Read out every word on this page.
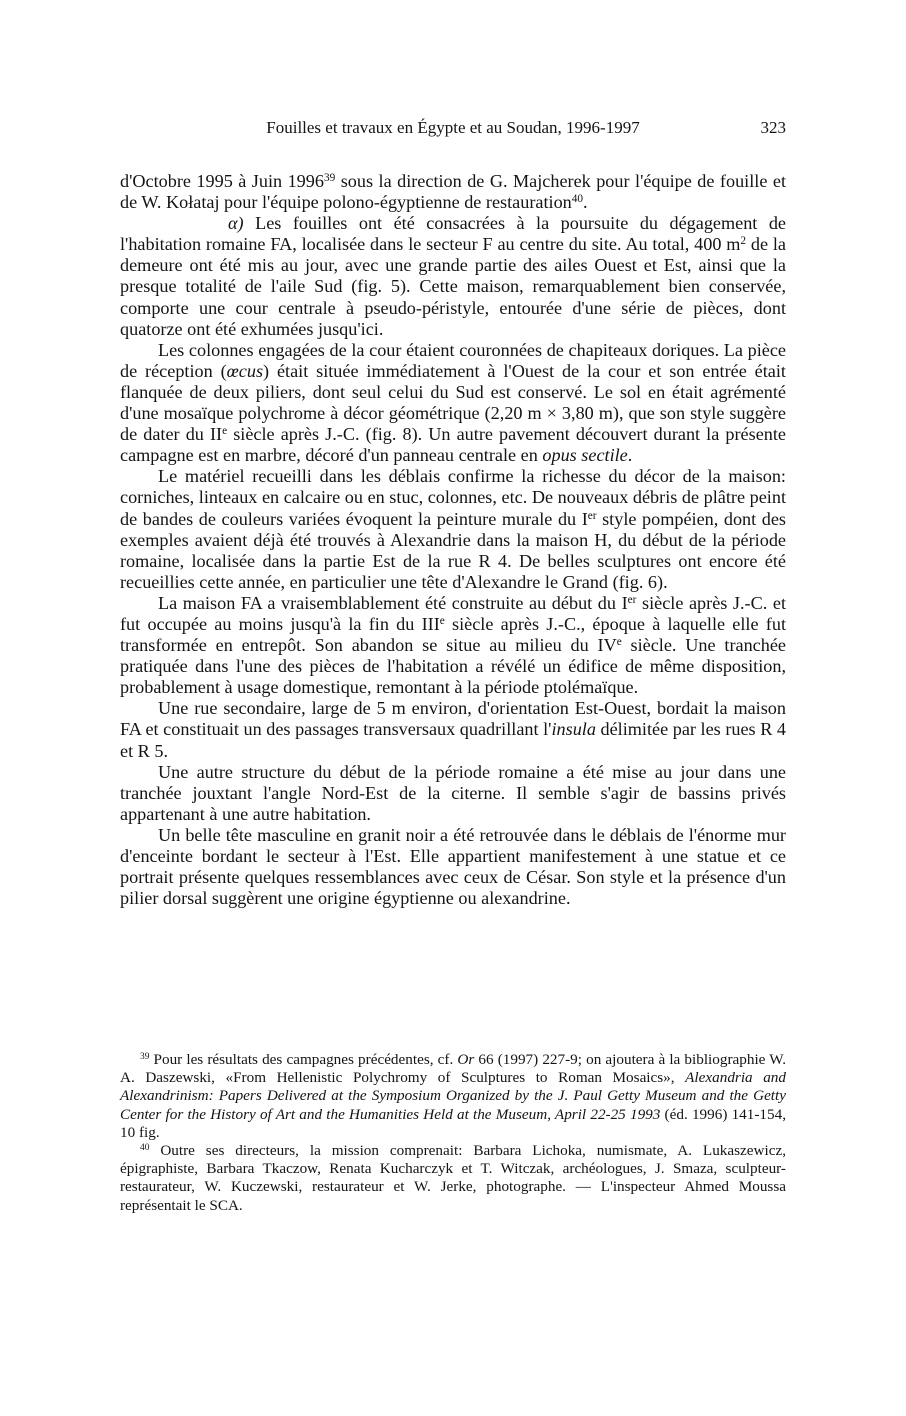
Fouilles et travaux en Égypte et au Soudan, 1996-1997	323

d'Octobre 1995 à Juin 1996$^{39}$ sous la direction de G. Majcherek pour l'équipe de fouille et de W. Kołataj pour l'équipe polono-égyptienne de restauration$^{40}$.

α) Les fouilles ont été consacrées à la poursuite du dégagement de l'habitation romaine FA, localisée dans le secteur F au centre du site. Au total, 400 $m^2$ de la demeure ont été mis au jour, avec une grande partie des ailes Ouest et Est, ainsi que la presque totalité de l'aile Sud (fig. 5). Cette maison, remarquablement bien conservée, comporte une cour centrale à pseudo-péristyle, entourée d'une série de pièces, dont quatorze ont été exhumées jusqu'ici.

Les colonnes engagées de la cour étaient couronnées de chapiteaux doriques. La pièce de réception (œcus) était située immédiatement à l'Ouest de la cour et son entrée était flanquée de deux piliers, dont seul celui du Sud est conservé. Le sol en était agrémenté d'une mosaïque polychrome à décor géométrique (2,20 m × 3,80 m), que son style suggère de dater du IIe siècle après J.-C. (fig. 8). Un autre pavement découvert durant la présente campagne est en marbre, décoré d'un panneau centrale en opus sectile.

Le matériel recueilli dans les déblais confirme la richesse du décor de la maison: corniches, linteaux en calcaire ou en stuc, colonnes, etc. De nouveaux débris de plâtre peint de bandes de couleurs variées évoquent la peinture murale du Ier style pompéien, dont des exemples avaient déjà été trouvés à Alexandrie dans la maison H, du début de la période romaine, localisée dans la partie Est de la rue R 4. De belles sculptures ont encore été recueillies cette année, en particulier une tête d'Alexandre le Grand (fig. 6).

La maison FA a vraisemblablement été construite au début du Ier siècle après J.-C. et fut occupée au moins jusqu'à la fin du IIIe siècle après J.-C., époque à laquelle elle fut transformée en entrepôt. Son abandon se situe au milieu du IVe siècle. Une tranchée pratiquée dans l'une des pièces de l'habitation a révélé un édifice de même disposition, probablement à usage domestique, remontant à la période ptolémaïque.

Une rue secondaire, large de 5 m environ, d'orientation Est-Ouest, bordait la maison FA et constituait un des passages transversaux quadrillant l'insula délimitée par les rues R 4 et R 5.

Une autre structure du début de la période romaine a été mise au jour dans une tranchée jouxtant l'angle Nord-Est de la citerne. Il semble s'agir de bassins privés appartenant à une autre habitation.

Un belle tête masculine en granit noir a été retrouvée dans le déblais de l'énorme mur d'enceinte bordant le secteur à l'Est. Elle appartient manifestement à une statue et ce portrait présente quelques ressemblances avec ceux de César. Son style et la présence d'un pilier dorsal suggèrent une origine égyptienne ou alexandrine.

$^{39}$ Pour les résultats des campagnes précédentes, cf. Or 66 (1997) 227-9; on ajoutera à la bibliographie W. A. Daszewski, «From Hellenistic Polychromy of Sculptures to Roman Mosaics», Alexandria and Alexandrinism: Papers Delivered at the Symposium Organized by the J. Paul Getty Museum and the Getty Center for the History of Art and the Humanities Held at the Museum, April 22-25 1993 (éd. 1996) 141-154, 10 fig.

$^{40}$ Outre ses directeurs, la mission comprenait: Barbara Lichoka, numismate, A. Lukaszewicz, épigraphiste, Barbara Tkaczow, Renata Kucharczyk et T. Witczak, archéologues, J. Smaza, sculpteur-restaurateur, W. Kuczewski, restaurateur et W. Jerke, photographe. — L'inspecteur Ahmed Moussa représentait le SCA.
